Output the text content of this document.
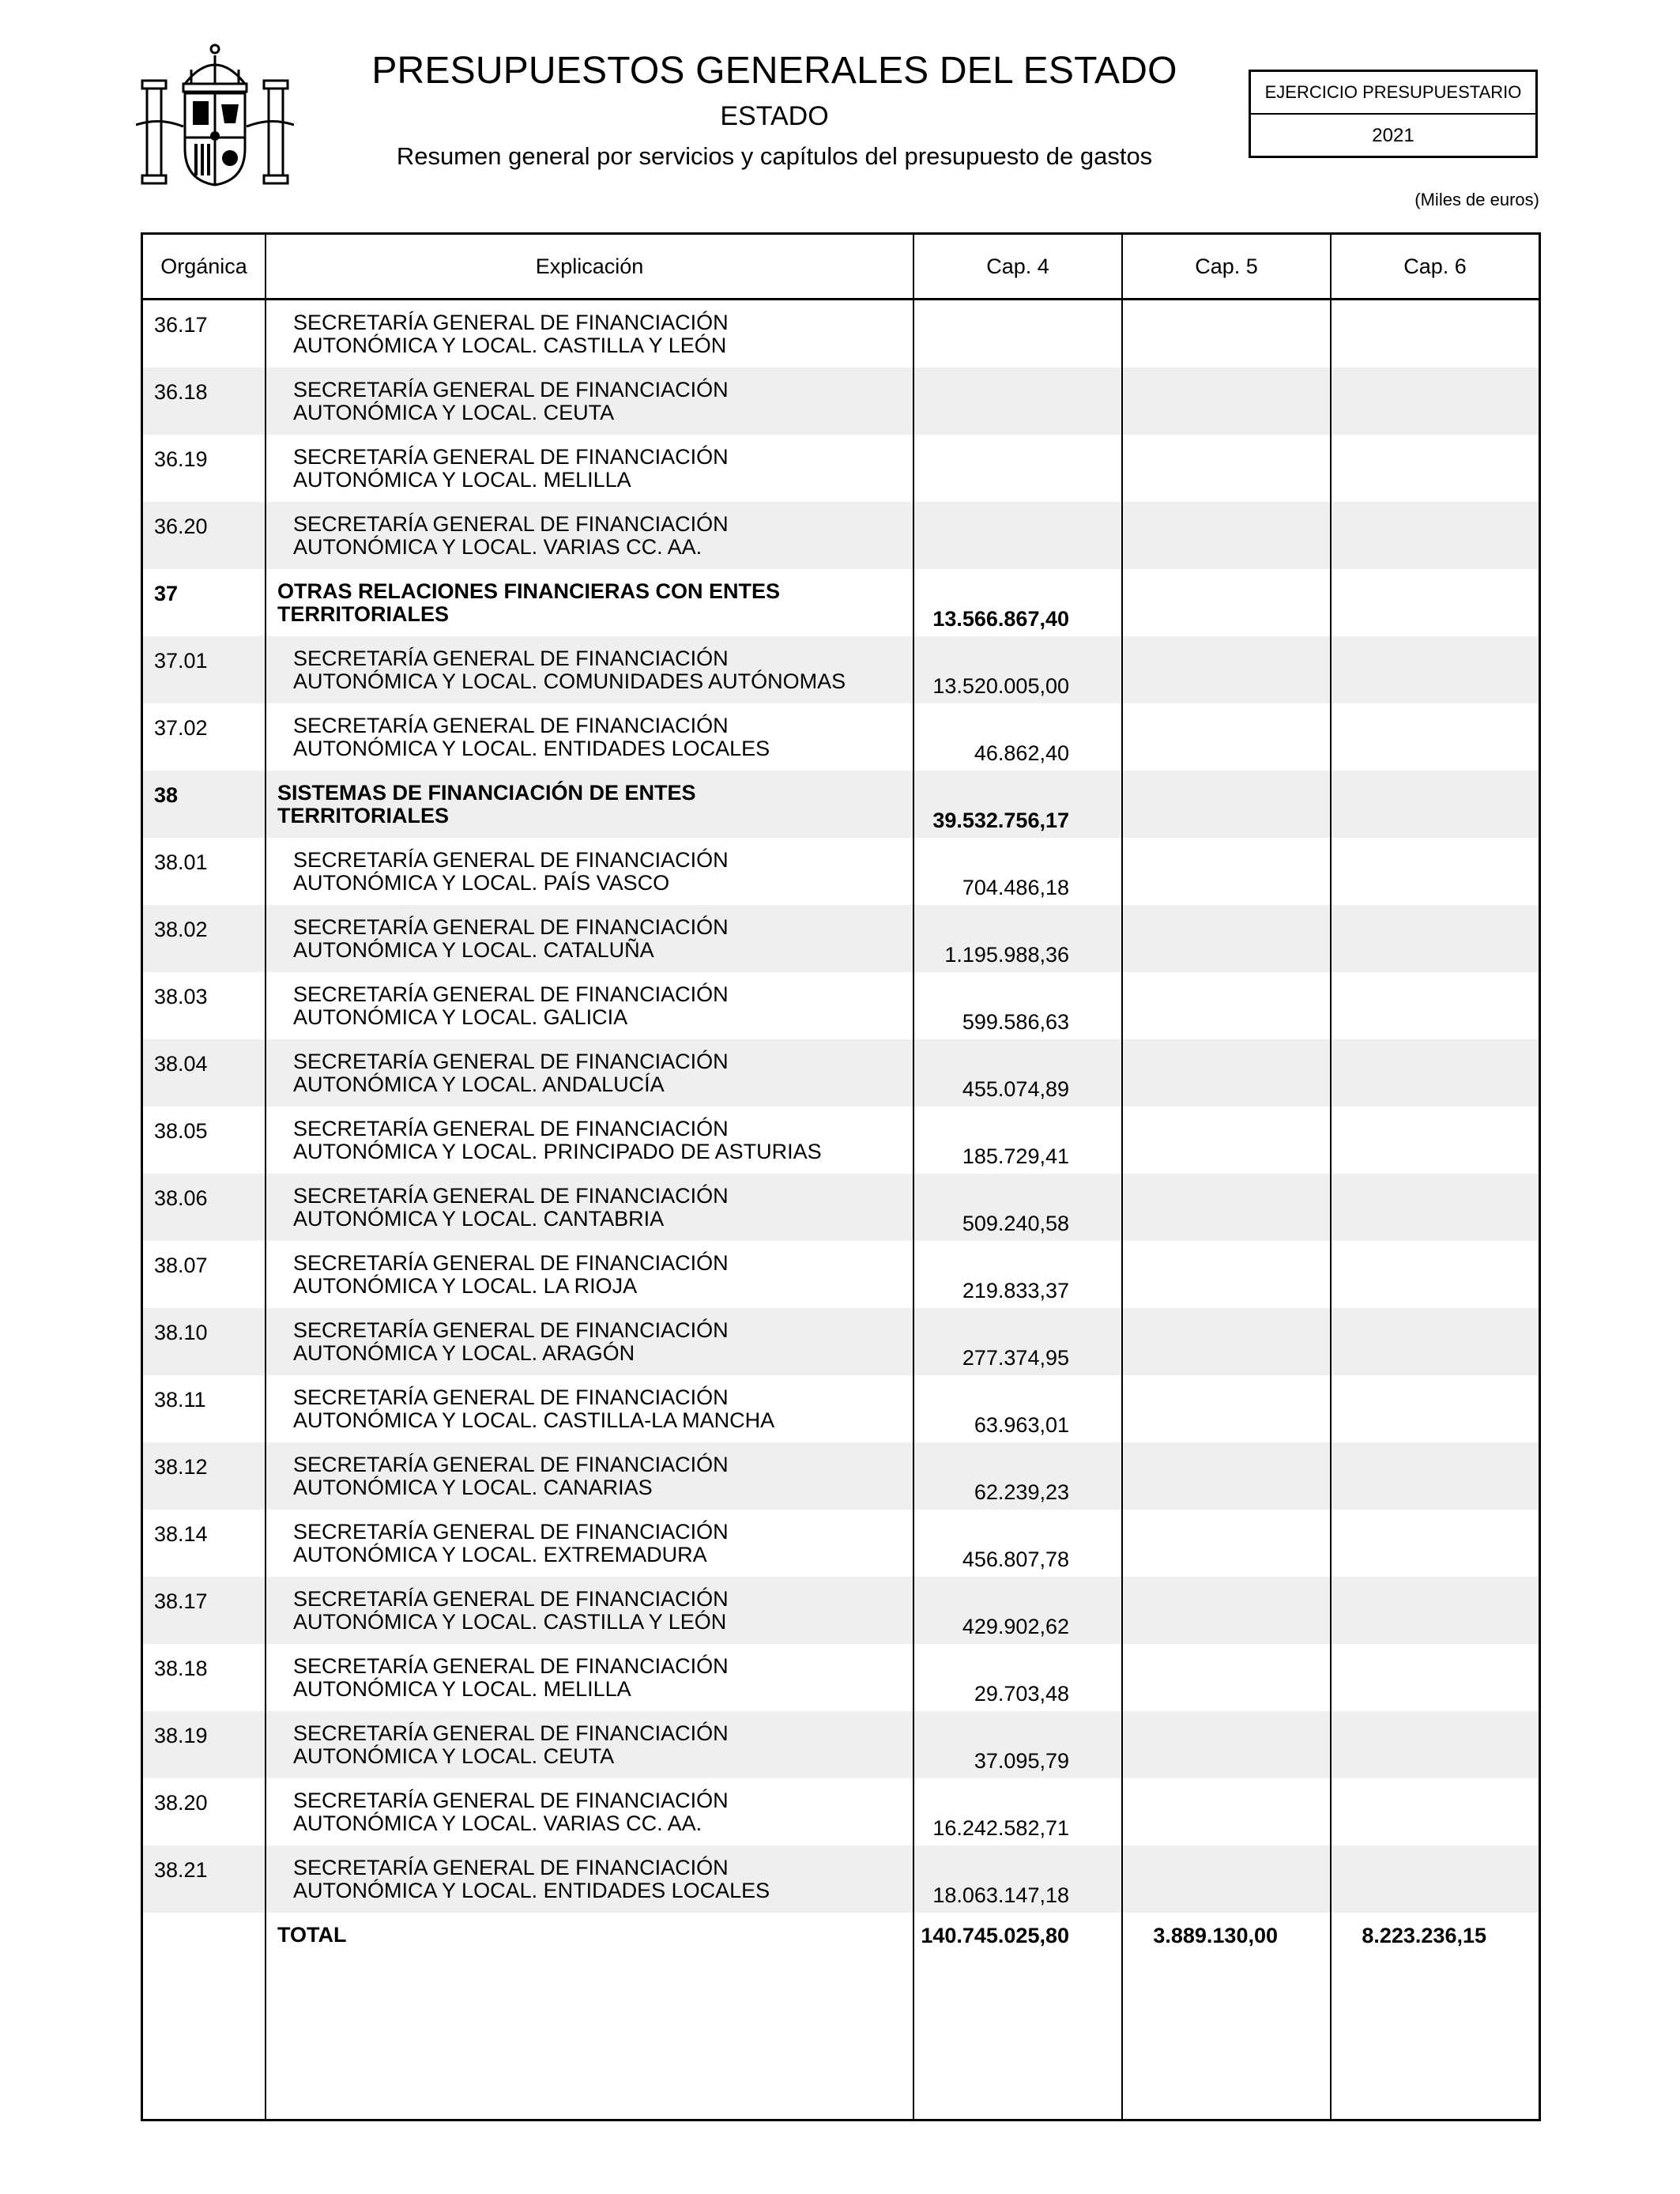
PRESUPUESTOS GENERALES DEL ESTADO
ESTADO
Resumen general por servicios y capítulos del presupuesto de gastos
EJERCICIO PRESUPUESTARIO
2021
(Miles de euros)
Orgánica	Explicación	Cap. 4	Cap. 5	Cap. 6
36.17	SECRETARÍA GENERAL DE FINANCIACIÓN
AUTONÓMICA Y LOCAL. CASTILLA Y LEÓN
36.18	SECRETARÍA GENERAL DE FINANCIACIÓN
AUTONÓMICA Y LOCAL. CEUTA
36.19	SECRETARÍA GENERAL DE FINANCIACIÓN
AUTONÓMICA Y LOCAL. MELILLA
36.20	SECRETARÍA GENERAL DE FINANCIACIÓN
AUTONÓMICA Y LOCAL. VARIAS CC. AA.
37	OTRAS RELACIONES FINANCIERAS CON ENTES
TERRITORIALES	13.566.867,40
37.01	SECRETARÍA GENERAL DE FINANCIACIÓN
AUTONÓMICA Y LOCAL. COMUNIDADES AUTÓNOMAS	13.520.005,00
37.02	SECRETARÍA GENERAL DE FINANCIACIÓN
AUTONÓMICA Y LOCAL. ENTIDADES LOCALES	46.862,40
38	SISTEMAS DE FINANCIACIÓN DE ENTES
TERRITORIALES	39.532.756,17
38.01	SECRETARÍA GENERAL DE FINANCIACIÓN
AUTONÓMICA Y LOCAL. PAÍS VASCO	704.486,18
38.02	SECRETARÍA GENERAL DE FINANCIACIÓN
AUTONÓMICA Y LOCAL. CATALUÑA	1.195.988,36
38.03	SECRETARÍA GENERAL DE FINANCIACIÓN
AUTONÓMICA Y LOCAL. GALICIA	599.586,63
38.04	SECRETARÍA GENERAL DE FINANCIACIÓN
AUTONÓMICA Y LOCAL. ANDALUCÍA	455.074,89
38.05	SECRETARÍA GENERAL DE FINANCIACIÓN
AUTONÓMICA Y LOCAL. PRINCIPADO DE ASTURIAS	185.729,41
38.06	SECRETARÍA GENERAL DE FINANCIACIÓN
AUTONÓMICA Y LOCAL. CANTABRIA	509.240,58
38.07	SECRETARÍA GENERAL DE FINANCIACIÓN
AUTONÓMICA Y LOCAL. LA RIOJA	219.833,37
38.10	SECRETARÍA GENERAL DE FINANCIACIÓN
AUTONÓMICA Y LOCAL. ARAGÓN	277.374,95
38.11	SECRETARÍA GENERAL DE FINANCIACIÓN
AUTONÓMICA Y LOCAL. CASTILLA-LA MANCHA	63.963,01
38.12	SECRETARÍA GENERAL DE FINANCIACIÓN
AUTONÓMICA Y LOCAL. CANARIAS	62.239,23
38.14	SECRETARÍA GENERAL DE FINANCIACIÓN
AUTONÓMICA Y LOCAL. EXTREMADURA	456.807,78
38.17	SECRETARÍA GENERAL DE FINANCIACIÓN
AUTONÓMICA Y LOCAL. CASTILLA Y LEÓN	429.902,62
38.18	SECRETARÍA GENERAL DE FINANCIACIÓN
AUTONÓMICA Y LOCAL. MELILLA	29.703,48
38.19	SECRETARÍA GENERAL DE FINANCIACIÓN
AUTONÓMICA Y LOCAL. CEUTA	37.095,79
38.20	SECRETARÍA GENERAL DE FINANCIACIÓN
AUTONÓMICA Y LOCAL. VARIAS CC. AA.	16.242.582,71
38.21	SECRETARÍA GENERAL DE FINANCIACIÓN
AUTONÓMICA Y LOCAL. ENTIDADES LOCALES	18.063.147,18
TOTAL	140.745.025,80	3.889.130,00	8.223.236,15
